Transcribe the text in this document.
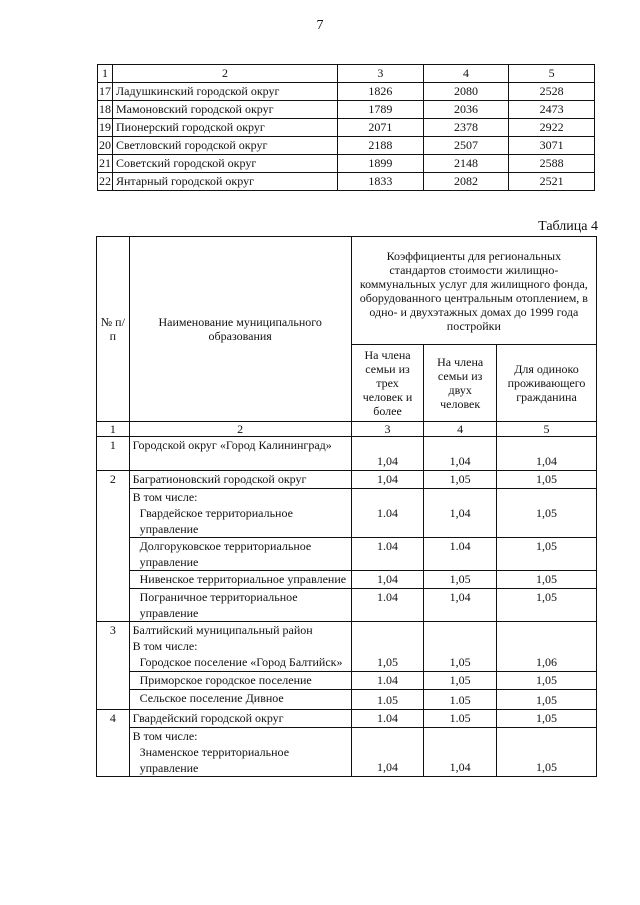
7
1	2	3	4	5
17	Ладушкинский городской округ	1826	2080	2528
18	Мамоновский городской округ	1789	2036	2473
19	Пионерский городской округ	2071	2378	2922
20	Светловский городской округ	2188	2507	3071
21	Советский городской округ	1899	2148	2588
22	Янтарный городской округ	1833	2082	2521
Таблица 4
№ п/п	Наименование муниципального образования	Коэффициенты для региональных стандартов стоимости жилищно-коммунальных услуг для жилищного фонда, оборудованного центральным отоплением, в одно- и двухэтажных домах до 1999 года постройки		
		На члена семьи из трех человек и более	На члена семьи из двух человек	Для одиноко проживающего гражданина
1	2	3	4	5
1	Городской округ «Город Калининград»	1,04	1,04	1,04
2	Багратионовский городской округ	1,04	1,05	1,05
	В том числе:			
	Гвардейское территориальное управление	1.04	1,04	1,05
	Долгоруковское территориальное управление	1.04	1.04	1,05
	Нивенское территориальное управление	1,04	1,05	1,05
	Пограничное территориальное управление	1.04	1,04	1,05
3	Балтийский муниципальный район			
	В том числе:			
	Городское поселение «Город Балтийск»	1,05	1,05	1,06
	Приморское городское поселение	1.04	1,05	1,05
	Сельское поселение Дивное	1.05	1.05	1,05
4	Гвардейский городской округ	1.04	1.05	1,05
	В том числе:			
	Знаменское территориальное управление	1,04	1,04	1,05
